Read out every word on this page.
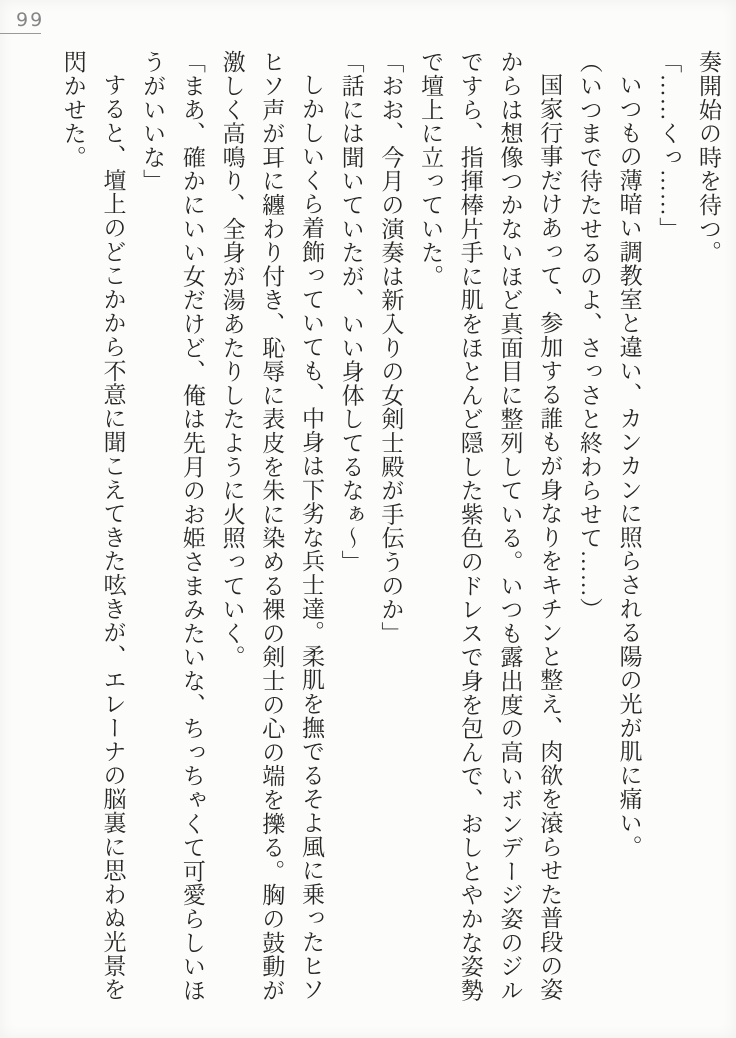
99

奏開始の時を待つ。

「……くっ……」

いつもの薄暗い調教室と違い、カンカンに照らされる陽の光が肌に痛い。

（いつまで待たせるのよ、さっさと終わらせて……）

国家行事だけあって、参加する誰もが身なりをキチンと整え、肉欲を滾らせた普段の姿からは想像つかないほど真面目に整列している。いつも露出度の高いボンデージ姿のジルですら、指揮棒片手に肌をほとんど隠した紫色のドレスで身を包んで、おしとやかな姿勢で壇上に立っていた。

「おお、今月の演奏は新入りの女剣士殿が手伝うのか」

「話には聞いていたが、いい身体してるなぁ～」

しかしいくら着飾っていても、中身は下劣な兵士達。柔肌を撫でるそよ風に乗ったヒソヒソ声が耳に纏わり付き、恥辱に表皮を朱に染める裸の剣士の心の端を擽る。胸の鼓動が激しく高鳴り、全身が湯あたりしたように火照っていく。

「まあ、確かにいい女だけど、俺は先月のお姫さまみたいな、ちっちゃくて可愛らしいほうがいいな」

すると、壇上のどこかから不意に聞こえてきた呟きが、エレーナの脳裏に思わぬ光景を閃かせた。
